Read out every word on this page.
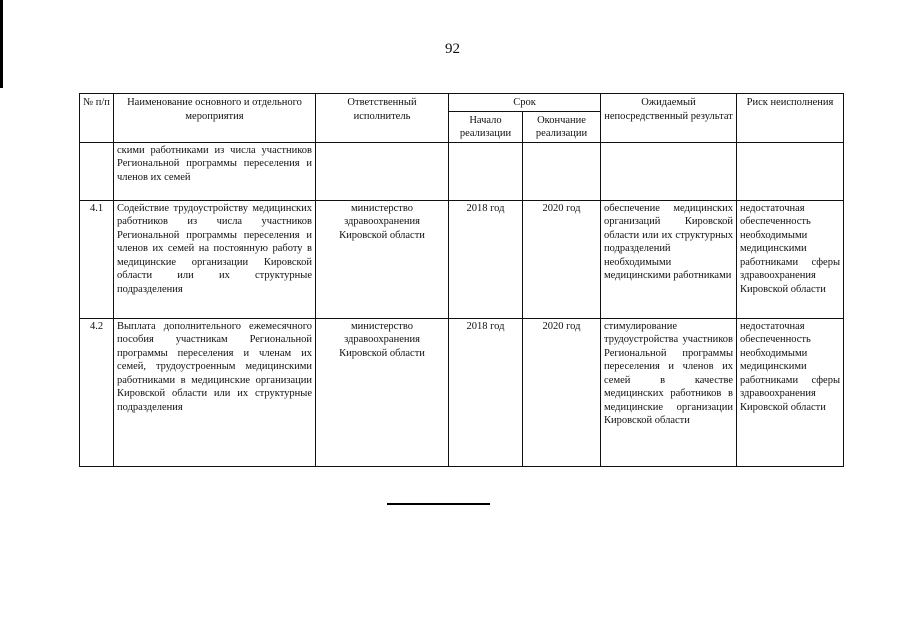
92
№ п/п	Наименование основного и отдельного мероприятия	Ответственный исполнитель	Срок		Ожидаемый непосредственный результат	Риск неисполнения
			Начало реализации	Окончание реализации		
	скими работниками из числа участников Региональной программы переселения и членов их семей					
4.1	Содействие трудоустройству медицинских работников из числа участников Региональной программы переселения и членов их семей на постоянную работу в медицинские организации Кировской области или их структурные подразделения	министерство здравоохранения Кировской области	2018 год	2020 год	обеспечение медицинских организаций Кировской области или их структурных подразделений необходимыми медицинскими работниками	недостаточная обеспеченность необходимыми медицинскими работниками сферы здравоохранения Кировской области
4.2	Выплата дополнительного ежемесячного пособия участникам Региональной программы переселения и членам их семей, трудоустроенным медицинскими работниками в медицинские организации Кировской области или их структурные подразделения	министерство здравоохранения Кировской области	2018 год	2020 год	стимулирование трудоустройства участников Региональной программы переселения и членов их семей в качестве медицинских работников в медицинские организации Кировской области	недостаточная обеспеченность необходимыми медицинскими работниками сферы здравоохранения Кировской области
